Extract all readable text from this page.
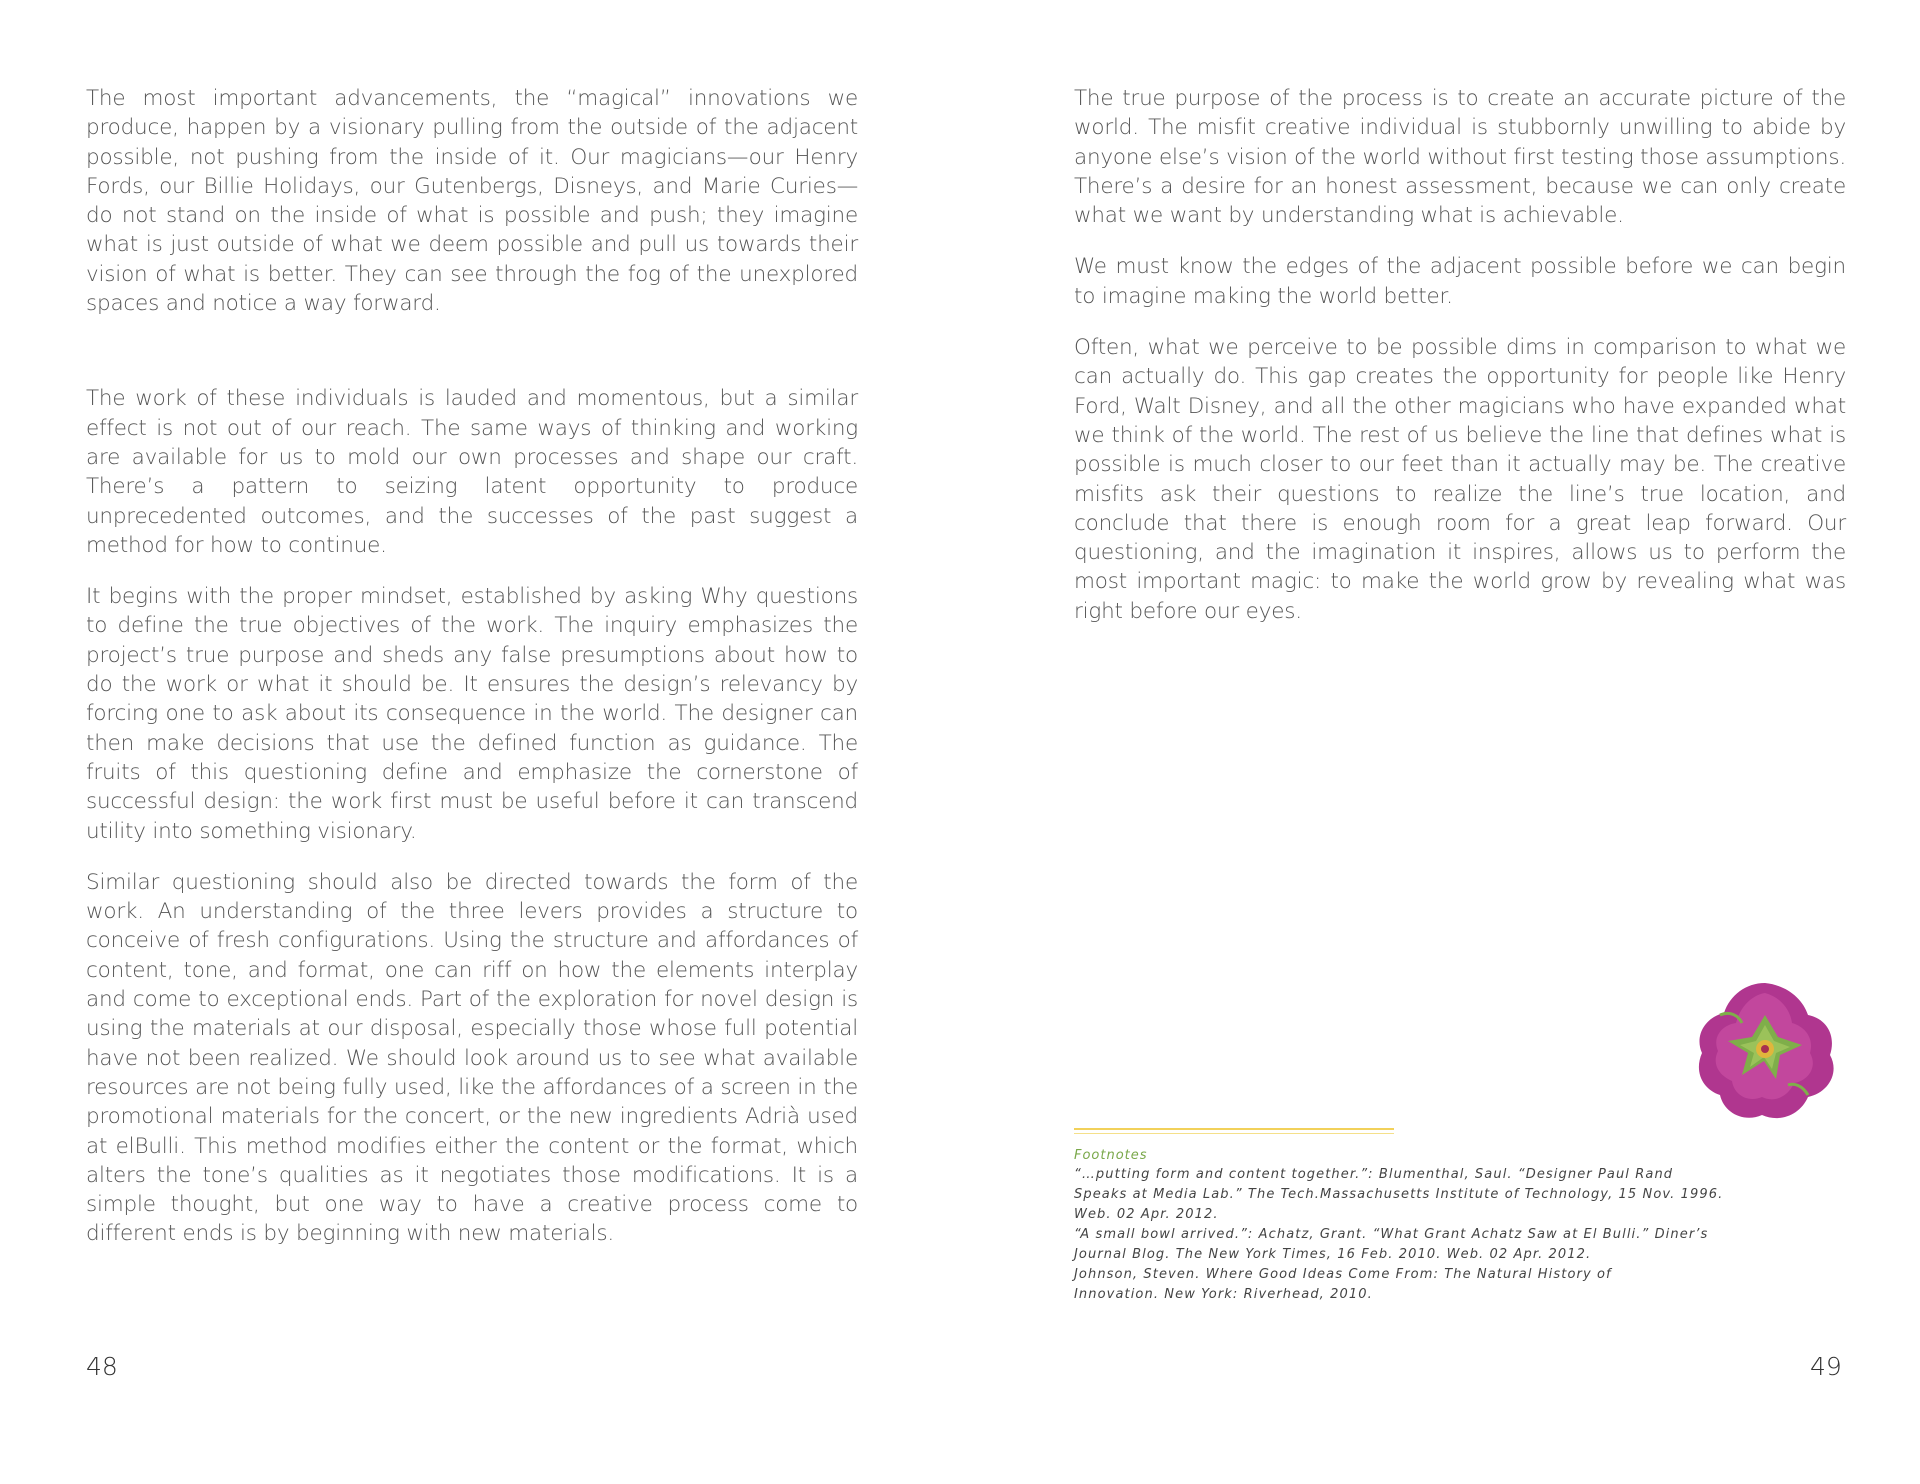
The most important advancements, the “magical” innovations we produce, happen by a visionary pulling from the outside of the adjacent possible, not pushing from the inside of it. Our magicians—our Henry Fords, our Billie Holidays, our Gutenbergs, Disneys, and Marie Curies—do not stand on the inside of what is possible and push; they imagine what is just outside of what we deem possible and pull us towards their vision of what is better. They can see through the fog of the unexplored spaces and notice a way forward.

The work of these individuals is lauded and momentous, but a similar effect is not out of our reach. The same ways of thinking and working are available for us to mold our own processes and shape our craft. There’s a pattern to seizing latent opportunity to produce unprecedented outcomes, and the successes of the past suggest a method for how to continue.

It begins with the proper mindset, established by asking Why questions to define the true objectives of the work. The inquiry emphasizes the project’s true purpose and sheds any false presumptions about how to do the work or what it should be. It ensures the design’s relevancy by forcing one to ask about its consequence in the world. The designer can then make decisions that use the defined function as guidance. The fruits of this questioning define and emphasize the cornerstone of successful design: the work first must be useful before it can transcend utility into something visionary.

Similar questioning should also be directed towards the form of the work. An understanding of the three levers provides a structure to conceive of fresh configurations. Using the structure and affordances of content, tone, and format, one can riff on how the elements interplay and come to exceptional ends. Part of the exploration for novel design is using the materials at our disposal, especially those whose full potential have not been realized. We should look around us to see what available resources are not being fully used, like the affordances of a screen in the promotional materials for the concert, or the new ingredients Adrià used at elBulli. This method modifies either the content or the format, which alters the tone’s qualities as it negotiates those modifications. It is a simple thought, but one way to have a creative process come to different ends is by beginning with new materials.

48

The true purpose of the process is to create an accurate picture of the world. The misfit creative individual is stubbornly unwilling to abide by anyone else’s vision of the world without first testing those assumptions. There’s a desire for an honest assessment, because we can only create what we want by understanding what is achievable.

We must know the edges of the adjacent possible before we can begin to imagine making the world better.

Often, what we perceive to be possible dims in comparison to what we can actually do. This gap creates the opportunity for people like Henry Ford, Walt Disney, and all the other magicians who have expanded what we think of the world. The rest of us believe the line that defines what is possible is much closer to our feet than it actually may be. The creative misfits ask their questions to realize the line’s true location, and conclude that there is enough room for a great leap forward. Our questioning, and the imagination it inspires, allows us to perform the most important magic: to make the world grow by revealing what was right before our eyes.

Footnotes
“…putting form and content together.”: Blumenthal, Saul. “Designer Paul Rand
Speaks at Media Lab.” The Tech.Massachusetts Institute of Technology, 15 Nov. 1996.
Web. 02 Apr. 2012.
“A small bowl arrived.”: Achatz, Grant. “What Grant Achatz Saw at El Bulli.” Diner’s
Journal Blog. The New York Times, 16 Feb. 2010. Web. 02 Apr. 2012.
Johnson, Steven. Where Good Ideas Come From: The Natural History of
Innovation. New York: Riverhead, 2010.
49
